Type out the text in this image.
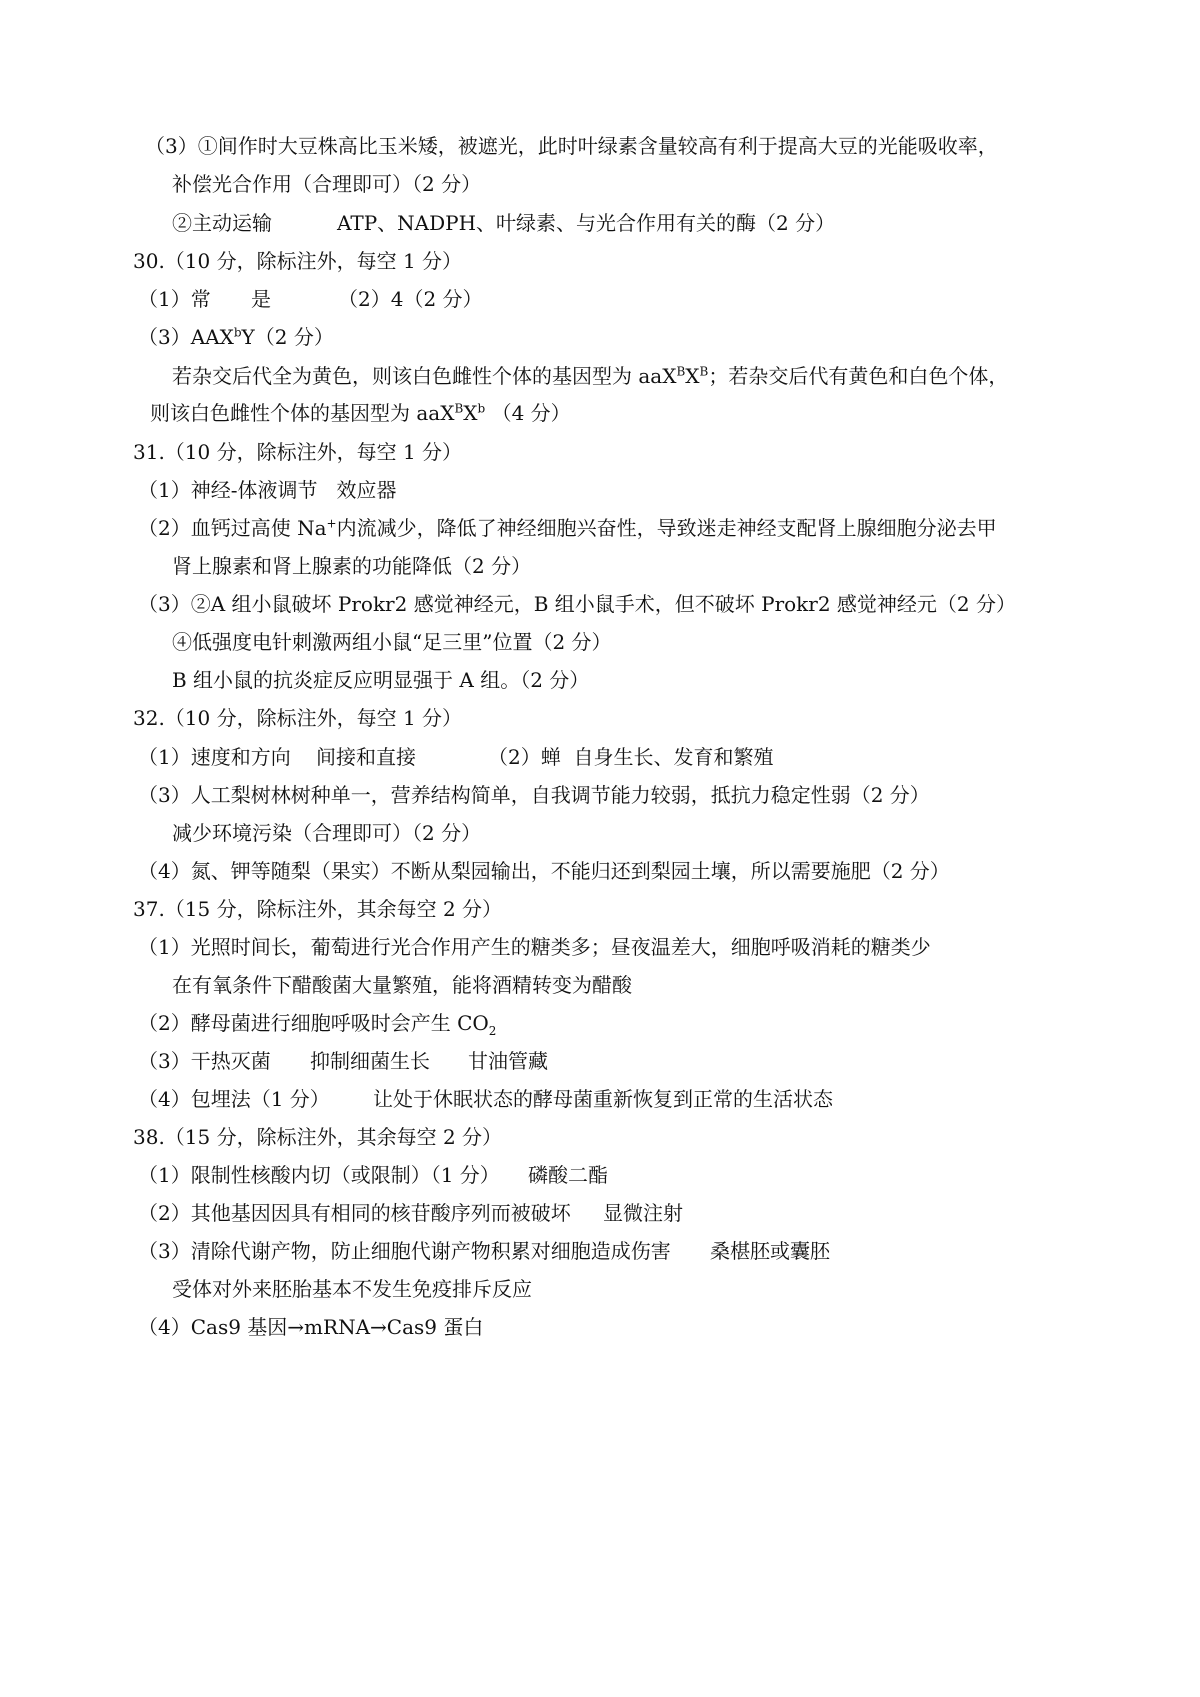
（3）①间作时大豆株高比玉米矮，被遮光，此时叶绿素含量较高有利于提高大豆的光能吸收率，
补偿光合作用（合理即可）（2 分）

②主动运输

	ATP、NADPH、叶绿素、与光合作用有关的酶（2 分）

30.（10 分，除标注外，每空 1 分）

（1）常

是

	（2）4（2 分）

（3）AAX$^b$Y（2 分）
若杂交后代全为黄色，则该白色雌性个体的基因型为 $aaX^BX^B$；若杂交后代有黄色和白色个体，
则该白色雌性个体的基因型为 $aaX^BX^b$ （4 分）
31.（10 分，除标注外，每空 1 分）
（1）神经-体液调节   效应器
（2）血钙过高使 Na+内流减少，降低了神经细胞兴奋性，导致迷走神经支配肾上腺细胞分泌去甲
肾上腺素和肾上腺素的功能降低（2 分）
（3）②A 组小鼠破坏 Prokr2 感觉神经元，B 组小鼠手术，但不破坏 Prokr2 感觉神经元（2 分）
④低强度电针刺激两组小鼠“足三里”位置（2 分）
B 组小鼠的抗炎症反应明显强于 A 组。（2 分）
32.（10 分，除标注外，每空 1 分）

（1）速度和方向

间接和直接

	（2）蝉  自身生长、发育和繁殖

（3）人工梨树林树种单一，营养结构简单，自我调节能力较弱，抵抗力稳定性弱（2 分）
减少环境污染（合理即可）（2 分）
（4）氮、钾等随梨（果实）不断从梨园输出，不能归还到梨园土壤，所以需要施肥（2 分）
37.（15 分，除标注外，其余每空 2 分）
（1）光照时间长，葡萄进行光合作用产生的糖类多；昼夜温差大，细胞呼吸消耗的糖类少
在有氧条件下醋酸菌大量繁殖，能将酒精转变为醋酸
（2）酵母菌进行细胞呼吸时会产生 $CO_2$

（3）干热灭菌

抑制细菌生长

甘油管藏

（4）包埋法（1 分）

让处于休眠状态的酵母菌重新恢复到正常的生活状态

38.（15 分，除标注外，其余每空 2 分）

（1）限制性核酸内切（或限制）（1 分）

磷酸二酯

（2）其他基因因具有相同的核苷酸序列而被破坏

显微注射

（3）清除代谢产物，防止细胞代谢产物积累对细胞造成伤害

桑椹胚或囊胚

受体对外来胚胎基本不发生免疫排斥反应
（4）Cas9 基因→mRNA→Cas9 蛋白
